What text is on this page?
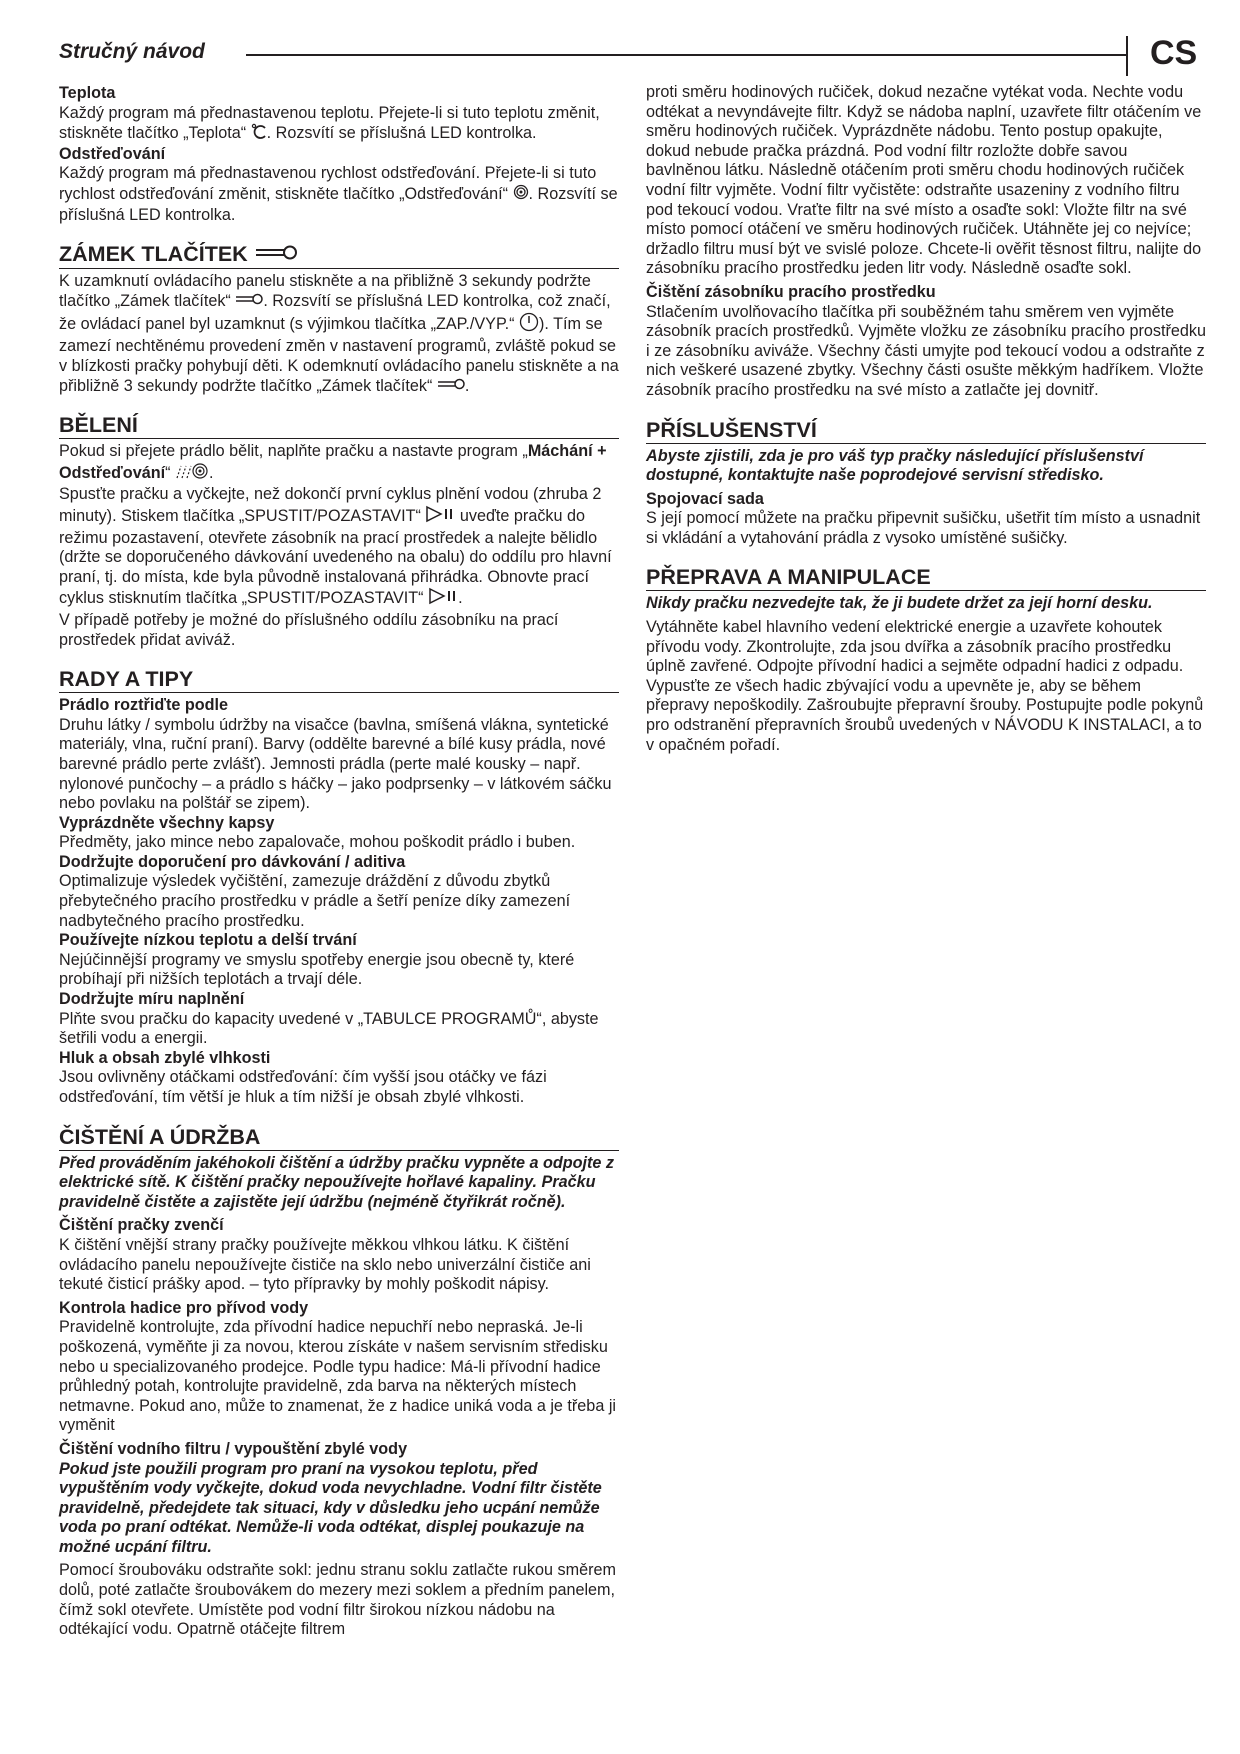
Stručný návod	CS

Teplota

Každý program má přednastavenou teplotu. Přejete-li si tuto teplotu změnit, stiskněte tlačítko „Teplota“ . Rozsvítí se příslušná LED kontrolka.

Odstřeďování

Každý program má přednastavenou rychlost odstřeďování. Přejete-li si tuto rychlost odstřeďování změnit, stiskněte tlačítko „Odstřeďování“ . Rozsvítí se příslušná LED kontrolka.

ZÁMEK TLAČÍTEK

K uzamknutí ovládacího panelu stiskněte a na přibližně 3 sekundy podržte tlačítko „Zámek tlačítek“ . Rozsvítí se příslušná LED kontrolka, což značí, že ovládací panel byl uzamknut (s výjimkou tlačítka „ZAP./VYP.“ ). Tím se zamezí nechtěnému provedení změn v nastavení programů, zvláště pokud se v blízkosti pračky pohybují děti. K odemknutí ovládacího panelu stiskněte a na přibližně 3 sekundy podržte tlačítko „Zámek tlačítek“ .

BĚLENÍ

Pokud si přejete prádlo bělit, naplňte pračku a nastavte program „Máchání + Odstřeďování“ .

Spusťte pračku a vyčkejte, než dokončí první cyklus plnění vodou (zhruba 2 minuty). Stiskem tlačítka „SPUSTIT/POZASTAVIT“  uveďte pračku do režimu pozastavení, otevřete zásobník na prací prostředek a nalejte bělidlo (držte se doporučeného dávkování uvedeného na obalu) do oddílu pro hlavní praní, tj. do místa, kde byla původně instalovaná přihrádka. Obnovte prací cyklus stisknutím tlačítka „SPUSTIT/POZASTAVIT“ .

V případě potřeby je možné do příslušného oddílu zásobníku na prací prostředek přidat aviváž.

RADY A TIPY

Prádlo roztřiďte podle

Druhu látky / symbolu údržby na visačce (bavlna, smíšená vlákna, syntetické materiály, vlna, ruční praní). Barvy (oddělte barevné a bílé kusy prádla, nové barevné prádlo perte zvlášť). Jemnosti prádla (perte malé kousky – např. nylonové punčochy – a prádlo s háčky – jako podprsenky – v látkovém sáčku nebo povlaku na polštář se zipem).

Vyprázdněte všechny kapsy

Předměty, jako mince nebo zapalovače, mohou poškodit prádlo i buben.

Dodržujte doporučení pro dávkování / aditiva

Optimalizuje výsledek vyčištění, zamezuje dráždění z důvodu zbytků přebytečného pracího prostředku v prádle a šetří peníze díky zamezení nadbytečného pracího prostředku.

Používejte nízkou teplotu a delší trvání

Nejúčinnější programy ve smyslu spotřeby energie jsou obecně ty, které probíhají při nižších teplotách a trvají déle.

Dodržujte míru naplnění

Plňte svou pračku do kapacity uvedené v „TABULCE PROGRAMŮ“, abyste šetřili vodu a energii.

Hluk a obsah zbylé vlhkosti

Jsou ovlivněny otáčkami odstřeďování: čím vyšší jsou otáčky ve fázi odstřeďování, tím větší je hluk a tím nižší je obsah zbylé vlhkosti.

ČIŠTĚNÍ A ÚDRŽBA

Před prováděním jakéhokoli čištění a údržby pračku vypněte a odpojte z elektrické sítě. K čištění pračky nepoužívejte hořlavé kapaliny. Pračku pravidelně čistěte a zajistěte její údržbu (nejméně čtyřikrát ročně).

Čištění pračky zvenčí

K čištění vnější strany pračky používejte měkkou vlhkou látku. K čištění ovládacího panelu nepoužívejte čističe na sklo nebo univerzální čističe ani tekuté čisticí prášky apod. – tyto přípravky by mohly poškodit nápisy.

Kontrola hadice pro přívod vody

Pravidelně kontrolujte, zda přívodní hadice nepuchří nebo nepraská. Je-li poškozená, vyměňte ji za novou, kterou získáte v našem servisním středisku nebo u specializovaného prodejce. Podle typu hadice: Má-li přívodní hadice průhledný potah, kontrolujte pravidelně, zda barva na některých místech netmavne. Pokud ano, může to znamenat, že z hadice uniká voda a je třeba ji vyměnit

Čištění vodního filtru / vypouštění zbylé vody

Pokud jste použili program pro praní na vysokou teplotu, před vypuštěním vody vyčkejte, dokud voda nevychladne. Vodní filtr čistěte pravidelně, předejdete tak situaci, kdy v důsledku jeho ucpání nemůže voda po praní odtékat. Nemůže-li voda odtékat, displej poukazuje na možné ucpání filtru.

Pomocí šroubováku odstraňte sokl: jednu stranu soklu zatlačte rukou směrem dolů, poté zatlačte šroubovákem do mezery mezi soklem a předním panelem, čímž sokl otevřete. Umístěte pod vodní filtr širokou nízkou nádobu na odtékající vodu. Opatrně otáčejte filtrem

proti směru hodinových ručiček, dokud nezačne vytékat voda. Nechte vodu odtékat a nevyndávejte filtr. Když se nádoba naplní, uzavřete filtr otáčením ve směru hodinových ručiček. Vyprázdněte nádobu. Tento postup opakujte, dokud nebude pračka prázdná. Pod vodní filtr rozložte dobře savou bavlněnou látku. Následně otáčením proti směru chodu hodinových ručiček vodní filtr vyjměte. Vodní filtr vyčistěte: odstraňte usazeniny z vodního filtru pod tekoucí vodou. Vraťte filtr na své místo a osaďte sokl: Vložte filtr na své místo pomocí otáčení ve směru hodinových ručiček. Utáhněte jej co nejvíce; držadlo filtru musí být ve svislé poloze. Chcete-li ověřit těsnost filtru, nalijte do zásobníku pracího prostředku jeden litr vody. Následně osaďte sokl.

Čištění zásobníku pracího prostředku

Stlačením uvolňovacího tlačítka při souběžném tahu směrem ven vyjměte zásobník pracích prostředků. Vyjměte vložku ze zásobníku pracího prostředku i ze zásobníku aviváže. Všechny části umyjte pod tekoucí vodou a odstraňte z nich veškeré usazené zbytky. Všechny části osušte měkkým hadříkem. Vložte zásobník pracího prostředku na své místo a zatlačte jej dovnitř.

PŘÍSLUŠENSTVÍ

Abyste zjistili, zda je pro váš typ pračky následující příslušenství dostupné, kontaktujte naše poprodejové servisní středisko.

Spojovací sada

S její pomocí můžete na pračku připevnit sušičku, ušetřit tím místo a usnadnit si vkládání a vytahování prádla z vysoko umístěné sušičky.

PŘEPRAVA A MANIPULACE

Nikdy pračku nezvedejte tak, že ji budete držet za její horní desku.

Vytáhněte kabel hlavního vedení elektrické energie a uzavřete kohoutek přívodu vody. Zkontrolujte, zda jsou dvířka a zásobník pracího prostředku úplně zavřené. Odpojte přívodní hadici a sejměte odpadní hadici z odpadu. Vypusťte ze všech hadic zbývající vodu a upevněte je, aby se během přepravy nepoškodily. Zašroubujte přepravní šrouby. Postupujte podle pokynů pro odstranění přepravních šroubů uvedených v NÁVODU K INSTALACI, a to v opačném pořadí.
